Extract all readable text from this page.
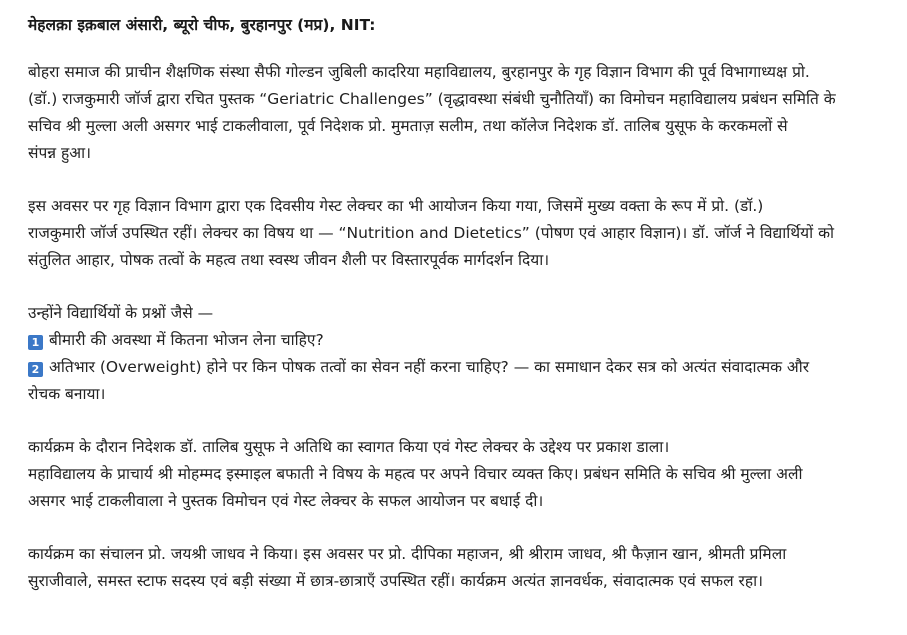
मेहलक़ा इक़बाल अंसारी, ब्यूरो चीफ, बुरहानपुर (मप्र), NIT:
बोहरा समाज की प्राचीन शैक्षणिक संस्था सैफी गोल्डन जुबिली कादरिया महाविद्यालय, बुरहानपुर के गृह विज्ञान विभाग की पूर्व विभागाध्यक्ष प्रो.
(डॉ.) राजकुमारी जॉर्ज द्वारा रचित पुस्तक “Geriatric Challenges” (वृद्धावस्था संबंधी चुनौतियाँ) का विमोचन महाविद्यालय प्रबंधन समिति के
सचिव श्री मुल्ला अली असगर भाई टाकलीवाला, पूर्व निदेशक प्रो. मुमताज़ सलीम, तथा कॉलेज निदेशक डॉ. तालिब युसूफ के करकमलों से
संपन्न हुआ।
इस अवसर पर गृह विज्ञान विभाग द्वारा एक दिवसीय गेस्ट लेक्चर का भी आयोजन किया गया, जिसमें मुख्य वक्ता के रूप में प्रो. (डॉ.)
राजकुमारी जॉर्ज उपस्थित रहीं। लेक्चर का विषय था — “Nutrition and Dietetics” (पोषण एवं आहार विज्ञान)। डॉ. जॉर्ज ने विद्यार्थियों को
संतुलित आहार, पोषक तत्वों के महत्व तथा स्वस्थ जीवन शैली पर विस्तारपूर्वक मार्गदर्शन दिया।
उन्होंने विद्यार्थियों के प्रश्नों जैसे —
1 बीमारी की अवस्था में कितना भोजन लेना चाहिए?
2 अतिभार (Overweight) होने पर किन पोषक तत्वों का सेवन नहीं करना चाहिए? — का समाधान देकर सत्र को अत्यंत संवादात्मक और
रोचक बनाया।
कार्यक्रम के दौरान निदेशक डॉ. तालिब युसूफ ने अतिथि का स्वागत किया एवं गेस्ट लेक्चर के उद्देश्य पर प्रकाश डाला।
महाविद्यालय के प्राचार्य श्री मोहम्मद इस्माइल बफाती ने विषय के महत्व पर अपने विचार व्यक्त किए। प्रबंधन समिति के सचिव श्री मुल्ला अली
असगर भाई टाकलीवाला ने पुस्तक विमोचन एवं गेस्ट लेक्चर के सफल आयोजन पर बधाई दी।
कार्यक्रम का संचालन प्रो. जयश्री जाधव ने किया। इस अवसर पर प्रो. दीपिका महाजन, श्री श्रीराम जाधव, श्री फैज़ान खान, श्रीमती प्रमिला
सुराजीवाले, समस्त स्टाफ सदस्य एवं बड़ी संख्या में छात्र-छात्राएँ उपस्थित रहीं। कार्यक्रम अत्यंत ज्ञानवर्धक, संवादात्मक एवं सफल रहा।
